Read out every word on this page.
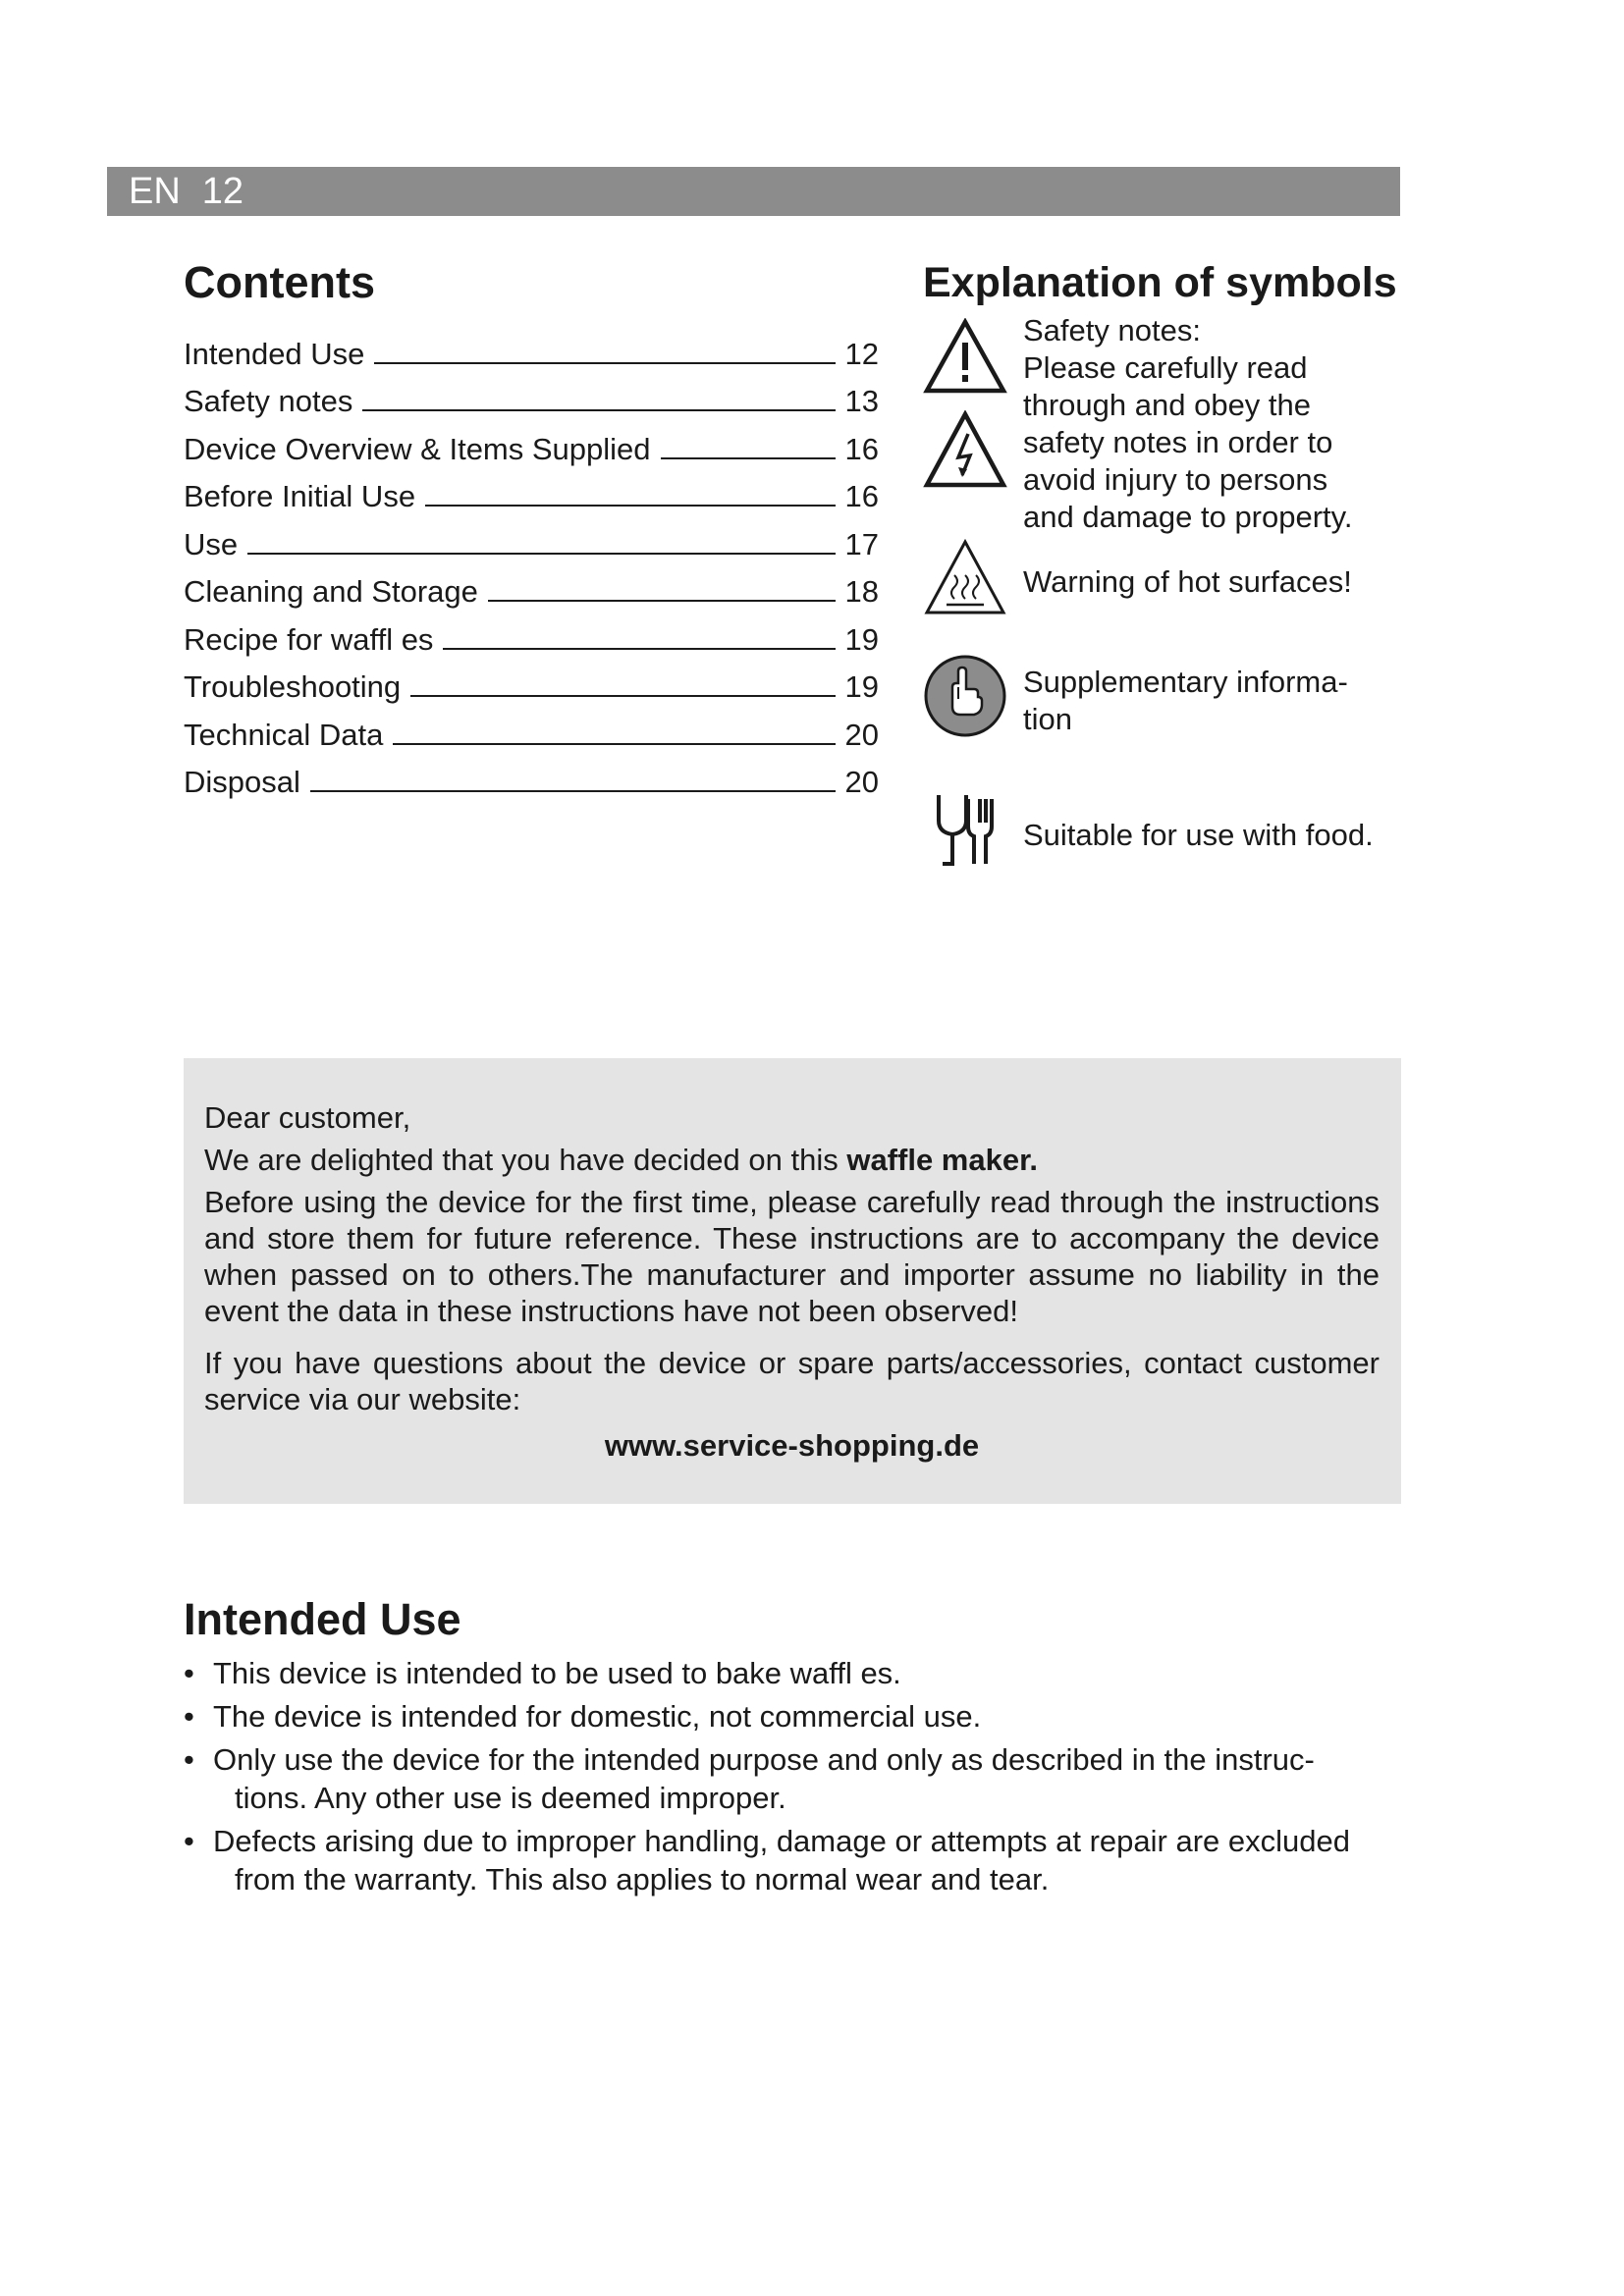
EN 12
Contents
Intended Use	12
Safety notes	13
Device Overview & Items Supplied	16
Before Initial Use	16
Use	17
Cleaning and Storage	18
Recipe for waffl es	19
Troubleshooting	19
Technical Data	20
Disposal	20
Explanation of symbols
Safety notes:
Please carefully read
through and obey the
safety notes in order to
avoid injury to persons
and damage to property.
Warning of hot surfaces!
Supplementary informa-
tion
Suitable for use with food.

Dear customer,

We are delighted that you have decided on this waffle maker.

Before using the device for the first time, please carefully read through the instructions and store them for future reference. These instructions are to accompany the device when passed on to others.The manufacturer and importer assume no liability in the event the data in these instructions have not been observed!

If you have questions about the device or spare parts/accessories, contact customer service via our website:

www.service-shopping.de

Intended Use
• This device is intended to be used to bake waffl es.
• The device is intended for domestic, not commercial use.
• Only use the device for the intended purpose and only as described in the instruc-
tions. Any other use is deemed improper.
• Defects arising due to improper handling, damage or attempts at repair are excluded
from the warranty. This also applies to normal wear and tear.
